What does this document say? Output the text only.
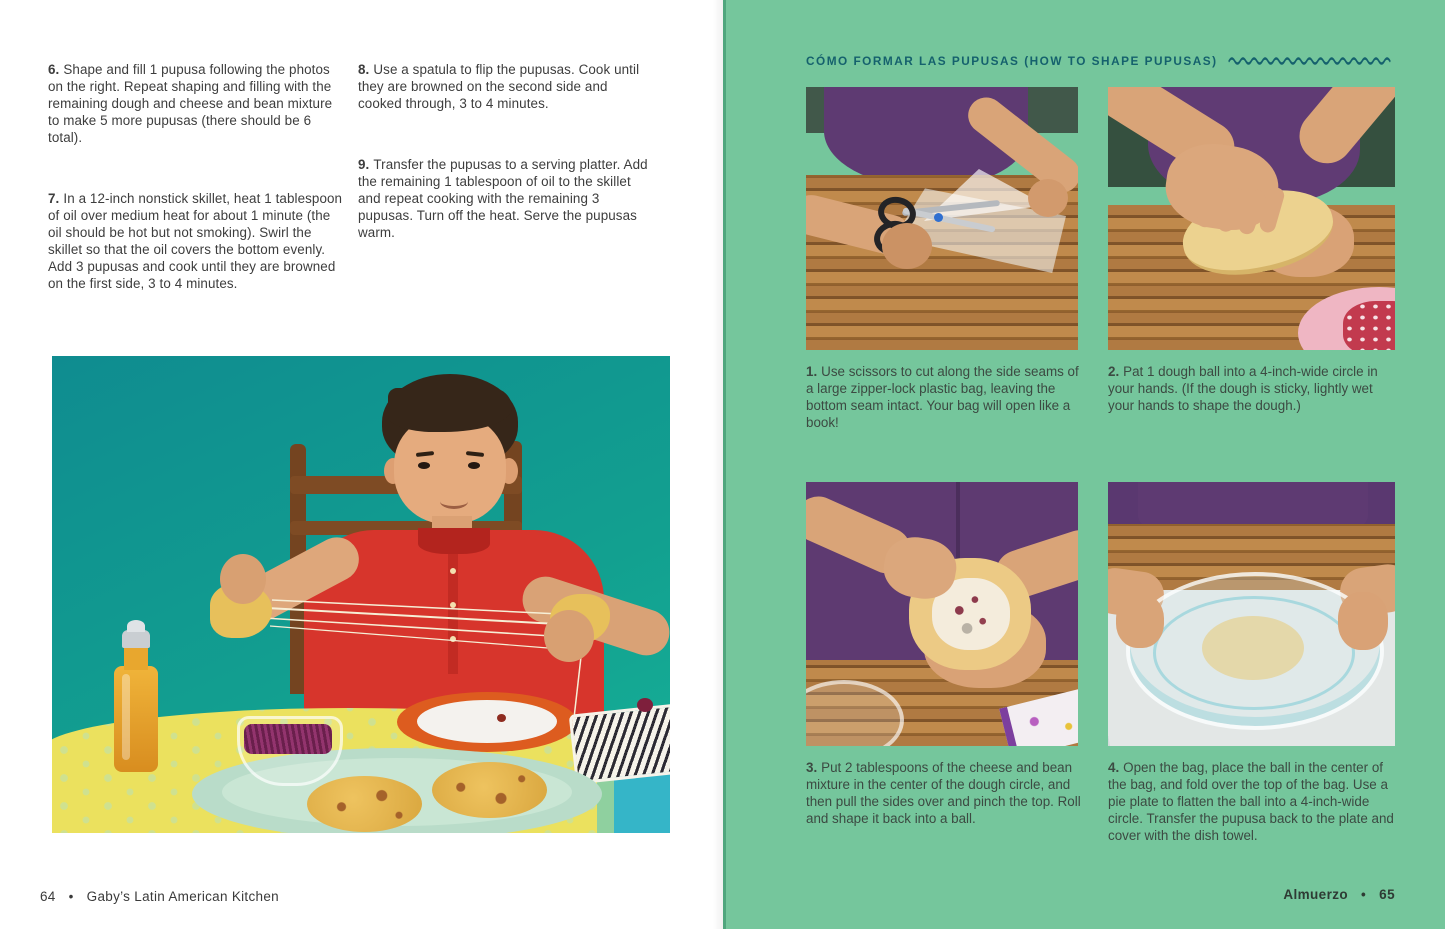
6. Shape and fill 1 pupusa following the photos on the right. Repeat shaping and filling with the remaining dough and cheese and bean mixture to make 5 more pupusas (there should be 6 total).

7. In a 12-inch nonstick skillet, heat 1 tablespoon of oil over medium heat for about 1 minute (the oil should be hot but not smoking). Swirl the skillet so that the oil covers the bottom evenly. Add 3 pupusas and cook until they are browned on the first side, 3 to 4 minutes.

8. Use a spatula to flip the pupusas. Cook until they are browned on the second side and cooked through, 3 to 4 minutes.

9. Transfer the pupusas to a serving platter. Add the remaining 1 tablespoon of oil to the skillet and repeat cooking with the remaining 3 pupusas. Turn off the heat. Serve the pupusas warm.

64 • Gaby’s Latin American Kitchen
CÓMO FORMAR LAS PUPUSAS (HOW TO SHAPE PUPUSAS)
1. Use scissors to cut along the side seams of a large zipper-lock plastic bag, leaving the bottom seam intact. Your bag will open like a book!
2. Pat 1 dough ball into a 4-inch-wide circle in your hands. (If the dough is sticky, lightly wet your hands to shape the dough.)
3. Put 2 tablespoons of the cheese and bean mixture in the center of the dough circle, and then pull the sides over and pinch the top. Roll and shape it back into a ball.
4. Open the bag, place the ball in the center of the bag, and fold over the top of the bag. Use a pie plate to flatten the ball into a 4-inch-wide circle. Transfer the pupusa back to the plate and cover with the dish towel.
Almuerzo • 65
